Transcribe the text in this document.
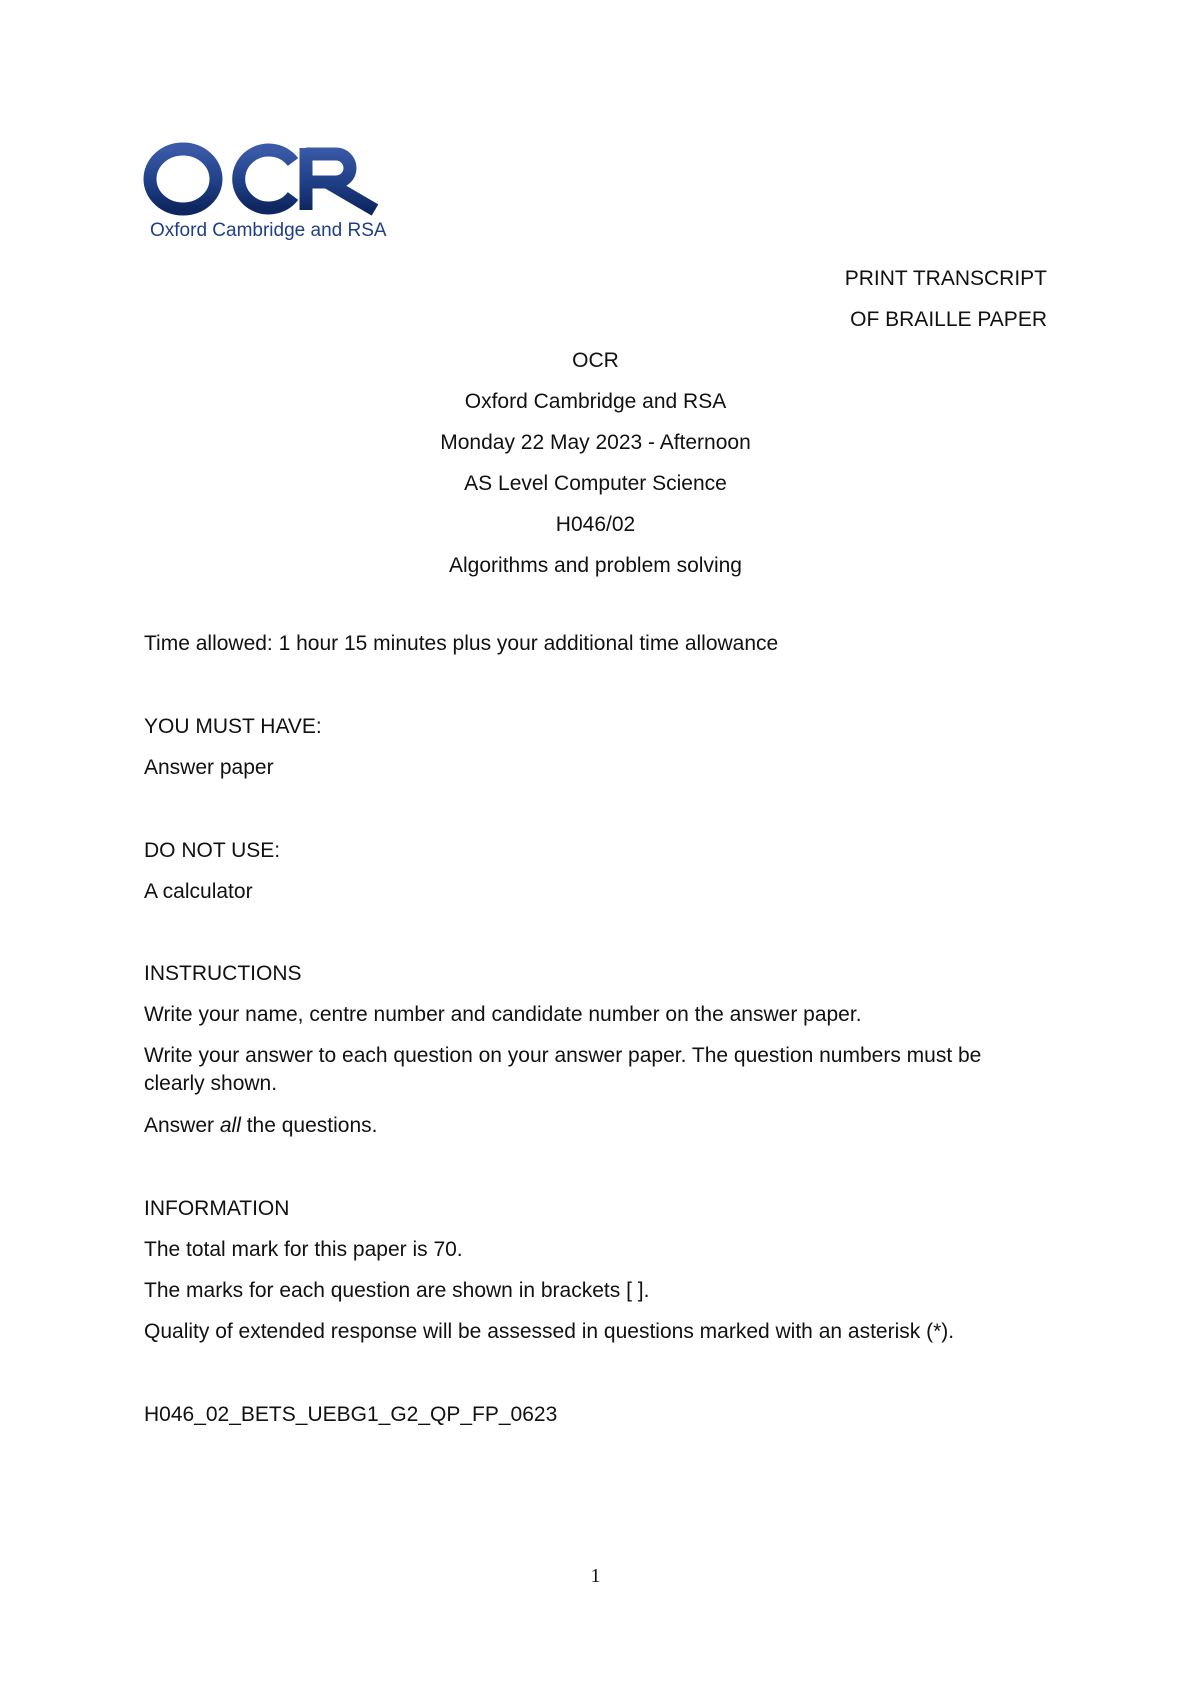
Oxford Cambridge and RSA
PRINT TRANSCRIPT
OF BRAILLE PAPER
OCR
Oxford Cambridge and RSA
Monday 22 May 2023 - Afternoon
AS Level Computer Science
H046/02
Algorithms and problem solving
Time allowed: 1 hour 15 minutes plus your additional time allowance
YOU MUST HAVE:
Answer paper
DO NOT USE:
A calculator
INSTRUCTIONS
Write your name, centre number and candidate number on the answer paper.
Write your answer to each question on your answer paper. The question numbers must be clearly shown.
Answer all the questions.
INFORMATION
The total mark for this paper is 70.
The marks for each question are shown in brackets [ ].
Quality of extended response will be assessed in questions marked with an asterisk (*).
H046_02_BETS_UEBG1_G2_QP_FP_0623
1
